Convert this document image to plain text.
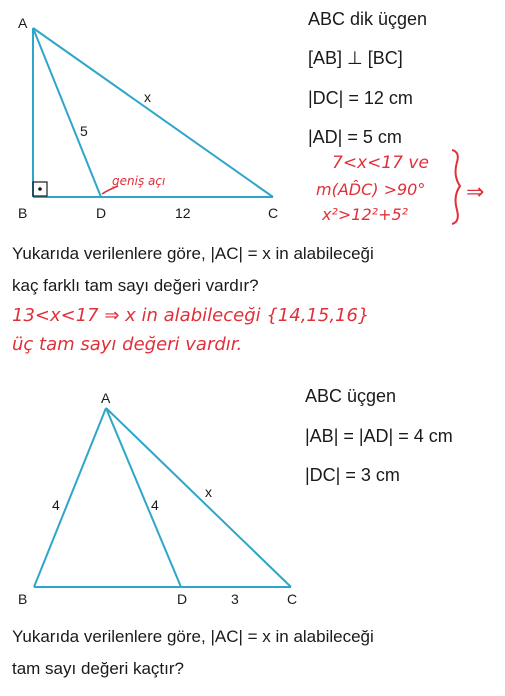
A
B	D	C
x
5
12
geniş açı
ABC dik üçgen
[AB] ⊥ [BC]
|DC| = 12 cm
|AD| = 5 cm
7<x<17 ve
m(AD̂C) >90°
x²>12²+5²
⇒
Yukarıda verilenlere göre, |AC| = x in alabileceği
kaç farklı tam sayı değeri vardır?
13<x<17 ⇒ x in alabileceği {14,15,16}
üç tam sayı değeri vardır.
A
B	D	C
4	4
x
3
ABC üçgen
|AB| = |AD| = 4 cm
|DC| = 3 cm
Yukarıda verilenlere göre, |AC| = x in alabileceği
tam sayı değeri kaçtır?
